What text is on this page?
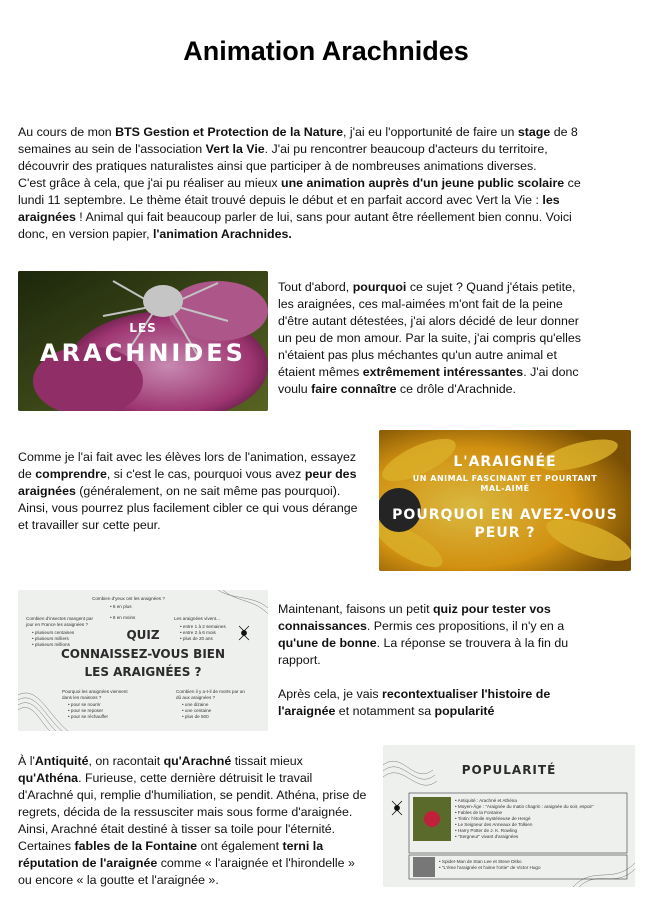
Animation Arachnides
Au cours de mon BTS Gestion et Protection de la Nature, j'ai eu l'opportunité de faire un stage de 8 semaines au sein de l'association Vert la Vie. J'ai pu rencontrer beaucoup d'acteurs du territoire, découvrir des pratiques naturalistes ainsi que participer à de nombreuses animations diverses.
C'est grâce à cela, que j'ai pu réaliser au mieux une animation auprès d'un jeune public scolaire ce lundi 11 septembre. Le thème était trouvé depuis le début et en parfait accord avec Vert la Vie : les araignées ! Animal qui fait beaucoup parler de lui, sans pour autant être réellement bien connu. Voici donc, en version papier, l'animation Arachnides.
LES
ARACHNIDES
Tout d'abord, pourquoi ce sujet ? Quand j'étais petite, les araignées, ces mal-aimées m'ont fait de la peine d'être autant détestées, j'ai alors décidé de leur donner un peu de mon amour. Par la suite, j'ai compris qu'elles n'étaient pas plus méchantes qu'un autre animal et étaient mêmes extrêmement intéressantes. J'ai donc voulu faire connaître ce drôle d'Arachnide.
Comme je l'ai fait avec les élèves lors de l'animation, essayez de comprendre, si c'est le cas, pourquoi vous avez peur des araignées (généralement, on ne sait même pas pourquoi). Ainsi, vous pourrez plus facilement cibler ce qui vous dérange et travailler sur cette peur.
L'ARAIGNÉE
UN ANIMAL FASCINANT ET POURTANT MAL-AIMÉ
POURQUOI EN AVEZ-VOUS PEUR ?
Combien d'yeux ont les araignées ?
• 8 en plus
• 8 en moins
Combien d'insectes mangent par jour en France les araignées ?
• plusieurs centaines
• plusieurs milliers
• plusieurs millions
Les araignées vivent...
• entre 1 à 2 semaines
• entre 2 à 6 mois
• plus de 20 ans
QUIZ
CONNAISSEZ-VOUS BIEN
LES ARAIGNÉES ?
Pourquoi les araignées viennent dans les maisons ?
• pour se nourrir
• pour se reposer
• pour se réchauffer
Combien il y a-t-il de morts par an dû aux araignées ?
• une dizaine
• une centaine
• plus de 500
Maintenant, faisons un petit quiz pour tester vos connaissances. Permis ces propositions, il n'y en a qu'une de bonne. La réponse se trouvera à la fin du rapport.
Après cela, je vais recontextualiser l'histoire de l'araignée et notamment sa popularité
À l'Antiquité, on racontait qu'Arachné tissait mieux qu'Athéna. Furieuse, cette dernière détruisit le travail d'Arachné qui, remplie d'humiliation, se pendit. Athéna, prise de regrets, décida de la ressusciter mais sous forme d'araignée. Ainsi, Arachné était destiné à tisser sa toile pour l'éternité. Certaines fables de la Fontaine ont également terni la réputation de l'araignée comme « l'araignée et l'hirondelle » ou encore « la goutte et l'araignée ».
POPULARITÉ
• Antiquité : Arachné et Athéna
• Moyen-Âge : "Araignée du matin chagrin : araignée du soir, espoir"
• Fables de la Fontaine
• Tintin: l'étoile mystérieuse de Hergé
• Le Seigneur des Anneaux de Tolkien
• Harry Potter de J. K. Rowling
• "Sergneur" vivant d'araignées
• Spider-Man de Stan Lee et Steve Ditko
• "L'ème l'araignée et l'aime l'ortie" de Victor Hugo
